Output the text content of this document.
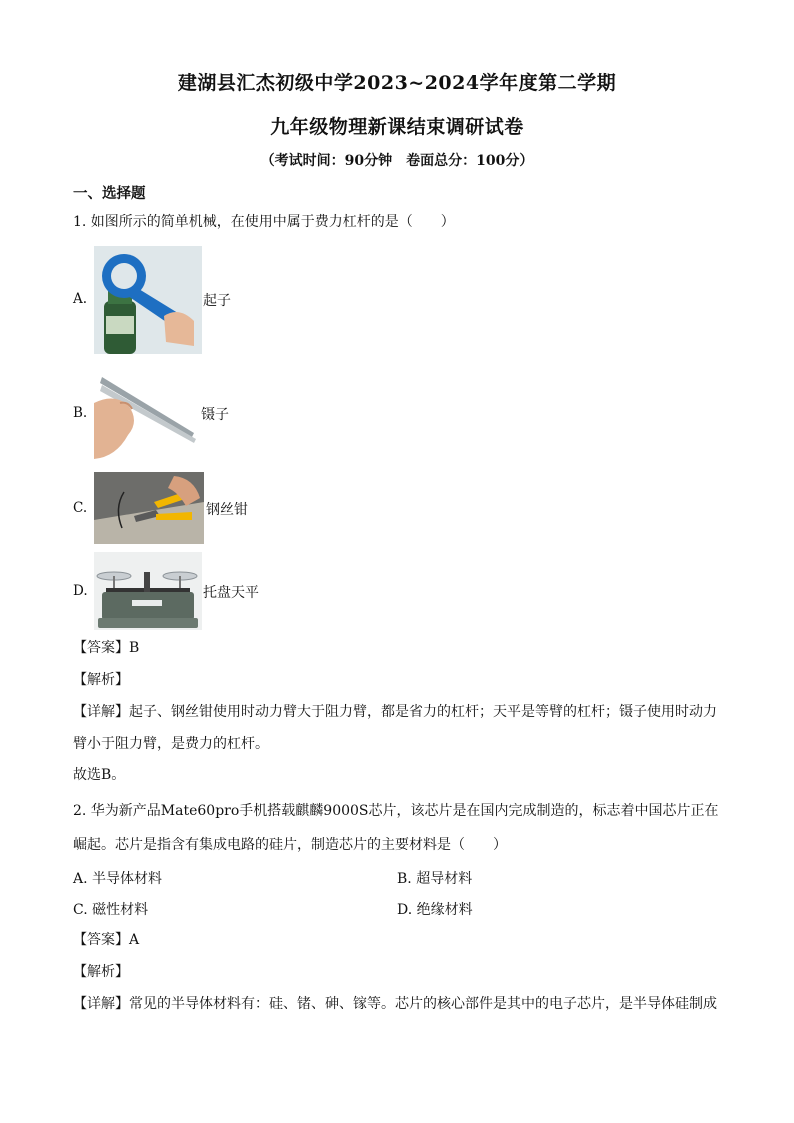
建湖县汇杰初级中学2023~2024学年度第二学期
九年级物理新课结束调研试卷
（考试时间：90分钟　卷面总分：100分）
一、选择题
1. 如图所示的简单机械，在使用中属于费力杠杆的是（　　）
A.	起子
B.	镊子
C.	钢丝钳
D.	托盘天平
【答案】B
【解析】
【详解】起子、钢丝钳使用时动力臂大于阻力臂，都是省力的杠杆；天平是等臂的杠杆；镊子使用时动力
臂小于阻力臂，是费力的杠杆。
故选B。
2. 华为新产品Mate60pro手机搭载麒麟9000S芯片，该芯片是在国内完成制造的，标志着中国芯片正在
崛起。芯片是指含有集成电路的硅片，制造芯片的主要材料是（　　）
A. 半导体材料	B. 超导材料
C. 磁性材料	D. 绝缘材料
【答案】A
【解析】
【详解】常见的半导体材料有：硅、锗、砷、镓等。芯片的核心部件是其中的电子芯片，是半导体硅制成
